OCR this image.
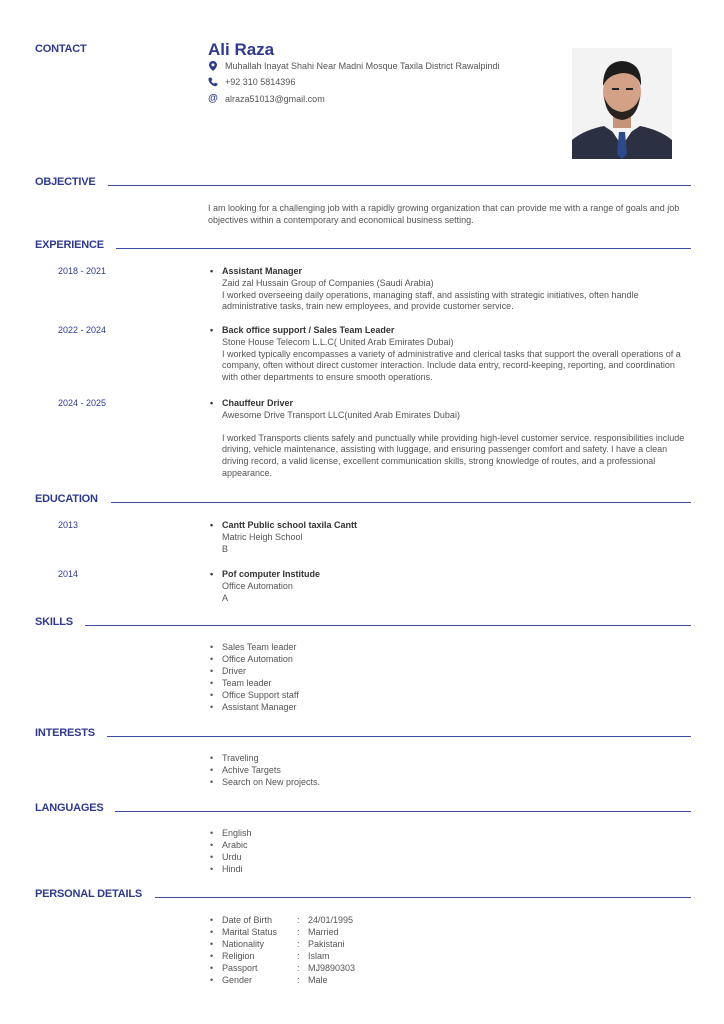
CONTACT	Ali Raza
Muhallah Inayat Shahi Near Madni Mosque Taxila District Rawalpindi
+92 310 5814396
@ alraza51013@gmail.com
OBJECTIVE
I am looking for a challenging job with a rapidly growing organization that can provide me with a range of goals and job objectives within a contemporary and economical business setting.
EXPERIENCE
2018 - 2021	• Assistant Manager
Zaid zal Hussain Group of Companies (Saudi Arabia)
I worked overseeing daily operations, managing staff, and assisting with strategic initiatives, often handle administrative tasks, train new employees, and provide customer service.
2022 - 2024	• Back office support / Sales Team Leader
Stone House Telecom L.L.C( United Arab Emirates Dubai)
I worked typically encompasses a variety of administrative and clerical tasks that support the overall operations of a company, often without direct customer interaction. Include data entry, record-keeping, reporting, and coordination with other departments to ensure smooth operations.
2024 - 2025	• Chauffeur Driver
Awesome Drive Transport LLC(united Arab Emirates Dubai)
I worked Transports clients safely and punctually while providing high-level customer service. responsibilities include driving, vehicle maintenance, assisting with luggage, and ensuring passenger comfort and safety. I have a clean driving record, a valid license, excellent communication skills, strong knowledge of routes, and a professional appearance.
EDUCATION
2013	• Cantt Public school taxila Cantt
Matric Heigh School
B
2014	• Pof computer Institude
Office Automation
A
SKILLS
• Sales Team leader
• Office Automation
• Driver
• Team leader
• Office Support staff
• Assistant Manager
INTERESTS
• Traveling
• Achive Targets
• Search on New projects.
LANGUAGES
• English
• Arabic
• Urdu
• Hindi
PERSONAL DETAILS
• Date of Birth	: 24/01/1995
• Marital Status : Married
• Nationality	: Pakistani
• Religion	: Islam
• Passport	: MJ9890303
• Gender	: Male
